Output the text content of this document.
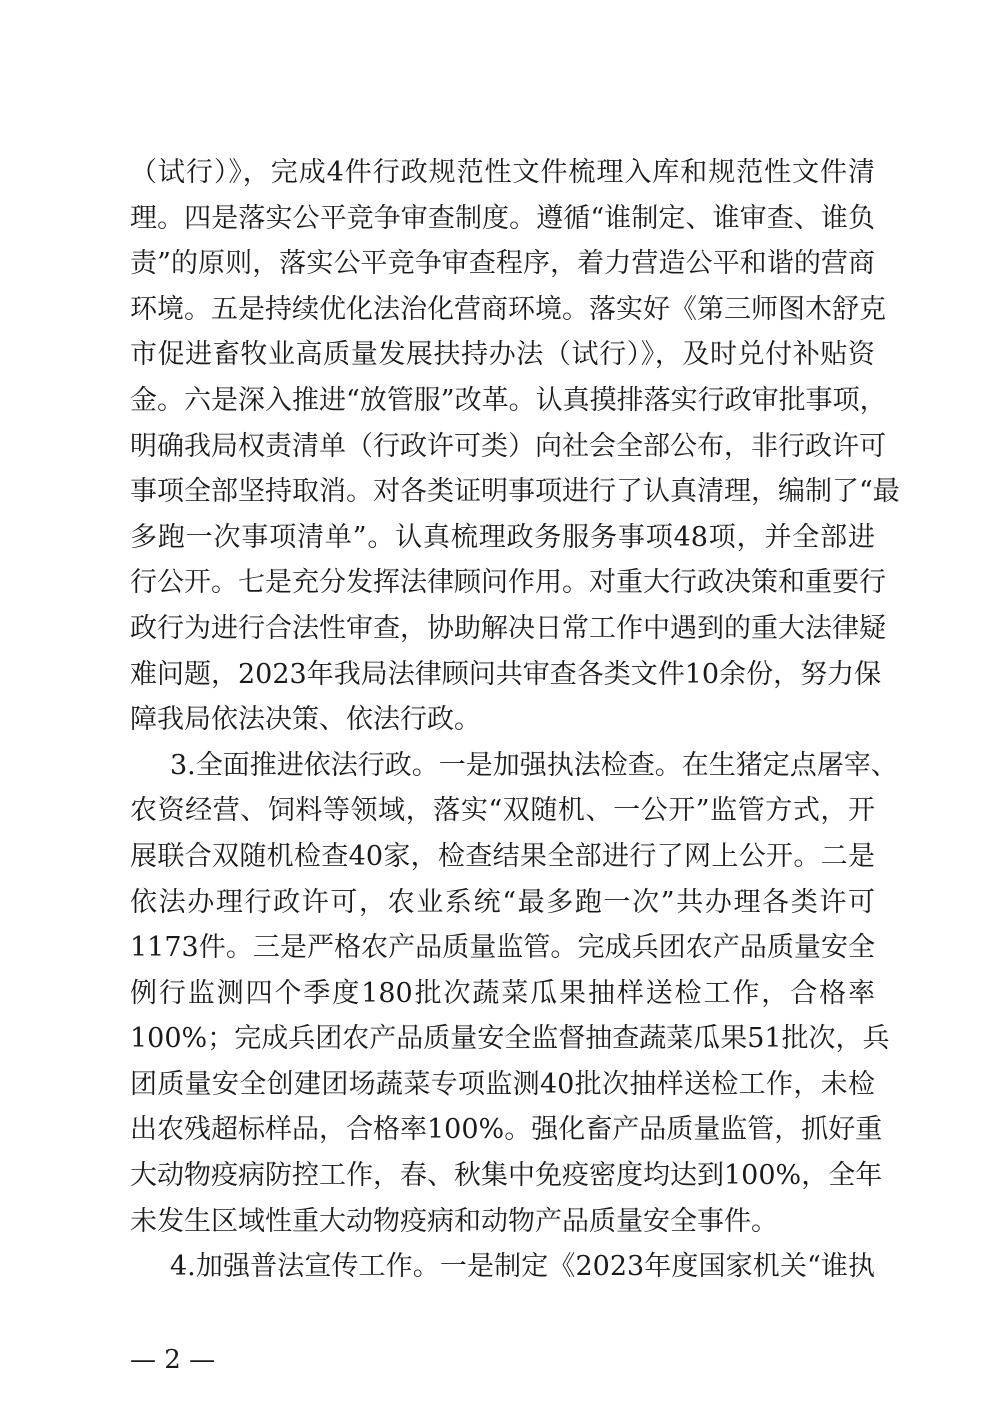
（试行）》，完成4件行政规范性文件梳理入库和规范性文件清
理。四是落实公平竞争审查制度。遵循“谁制定、谁审查、谁负
责”的原则，落实公平竞争审查程序，着力营造公平和谐的营商
环境。五是持续优化法治化营商环境。落实好《第三师图木舒克
市促进畜牧业高质量发展扶持办法（试行）》，及时兑付补贴资
金。六是深入推进“放管服”改革。认真摸排落实行政审批事项，
明确我局权责清单（行政许可类）向社会全部公布，非行政许可
事项全部坚持取消。对各类证明事项进行了认真清理，编制了“最
多跑一次事项清单”。认真梳理政务服务事项48项，并全部进
行公开。七是充分发挥法律顾问作用。对重大行政决策和重要行
政行为进行合法性审查，协助解决日常工作中遇到的重大法律疑
难问题，2023年我局法律顾问共审查各类文件10余份，努力保
障我局依法决策、依法行政。
3.全面推进依法行政。一是加强执法检查。在生猪定点屠宰、
农资经营、饲料等领域，落实“双随机、一公开”监管方式，开
展联合双随机检查40家，检查结果全部进行了网上公开。二是
依法办理行政许可，农业系统“最多跑一次”共办理各类许可
1173件。三是严格农产品质量监管。完成兵团农产品质量安全
例行监测四个季度180批次蔬菜瓜果抽样送检工作，合格率
100%；完成兵团农产品质量安全监督抽查蔬菜瓜果51批次，兵
团质量安全创建团场蔬菜专项监测40批次抽样送检工作，未检
出农残超标样品，合格率100%。强化畜产品质量监管，抓好重
大动物疫病防控工作，春、秋集中免疫密度均达到100%，全年
未发生区域性重大动物疫病和动物产品质量安全事件。
4.加强普法宣传工作。一是制定《2023年度国家机关“谁执
— 2 —
